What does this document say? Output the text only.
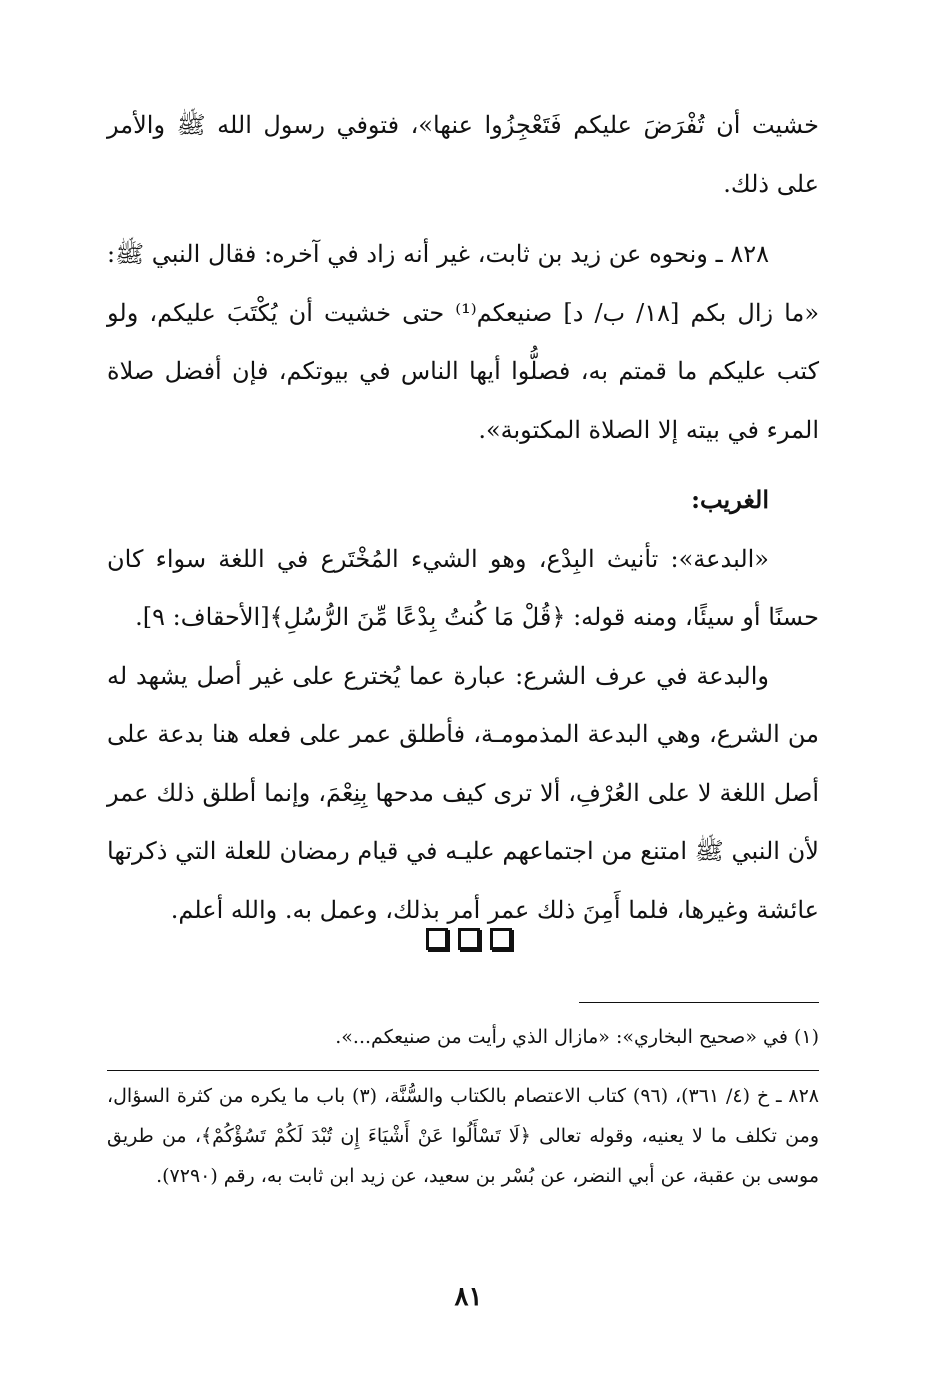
خشيت أن تُفْرَضَ عليكم فَتَعْجِزُوا عنها»، فتوفي رسول الله ﷺ والأمر على ذلك.

٨٢٨ ـ ونحوه عن زيد بن ثابت، غير أنه زاد في آخره: فقال النبي ﷺ: «ما زال بكم [١٨/ ب/ د] صنيعكم⁽¹⁾ حتى خشيت أن يُكْتَبَ عليكم، ولو كتب عليكم ما قمتم به، فصلُّوا أيها الناس في بيوتكم، فإن أفضل صلاة المرء في بيته إلا الصلاة المكتوبة».

الغريب:

«البدعة»: تأنيث البِدْع، وهو الشيء المُخْتَرع في اللغة سواء كان حسنًا أو سيئًا، ومنه قوله: ﴿قُلْ مَا كُنتُ بِدْعًا مِّنَ الرُّسُلِ﴾[الأحقاف: ٩].

والبدعة في عرف الشرع: عبارة عما يُخترع على غير أصل يشهد له من الشرع، وهي البدعة المذمومـة، فأطلق عمر على فعله هنا بدعة على أصل اللغة لا على العُرْفِ، ألا ترى كيف مدحها بِنِعْمَ، وإنما أطلق ذلك عمر لأن النبي ﷺ امتنع من اجتماعهم عليـه في قيام رمضان للعلة التي ذكرتها عائشة وغيرها، فلما أَمِنَ ذلك عمر أمر بذلك، وعمل به. والله أعلم.

(١) في «صحيح البخاري»: «مازال الذي رأيت من صنيعكم...».

٨٢٨ ـ خ (٤/ ٣٦١)، (٩٦) كتاب الاعتصام بالكتاب والسُّنَّة، (٣) باب ما يكره من كثرة السؤال، ومن تكلف ما لا يعنيه، وقوله تعالى ﴿لَا تَسْأَلُوا عَنْ أَشْيَاءَ إِن تُبْدَ لَكُمْ تَسُؤْكُمْ﴾، من طريق موسى بن عقبة، عن أبي النضر، عن بُسْر بن سعيد، عن زيد ابن ثابت به، رقم (٧٢٩٠).

٨١
